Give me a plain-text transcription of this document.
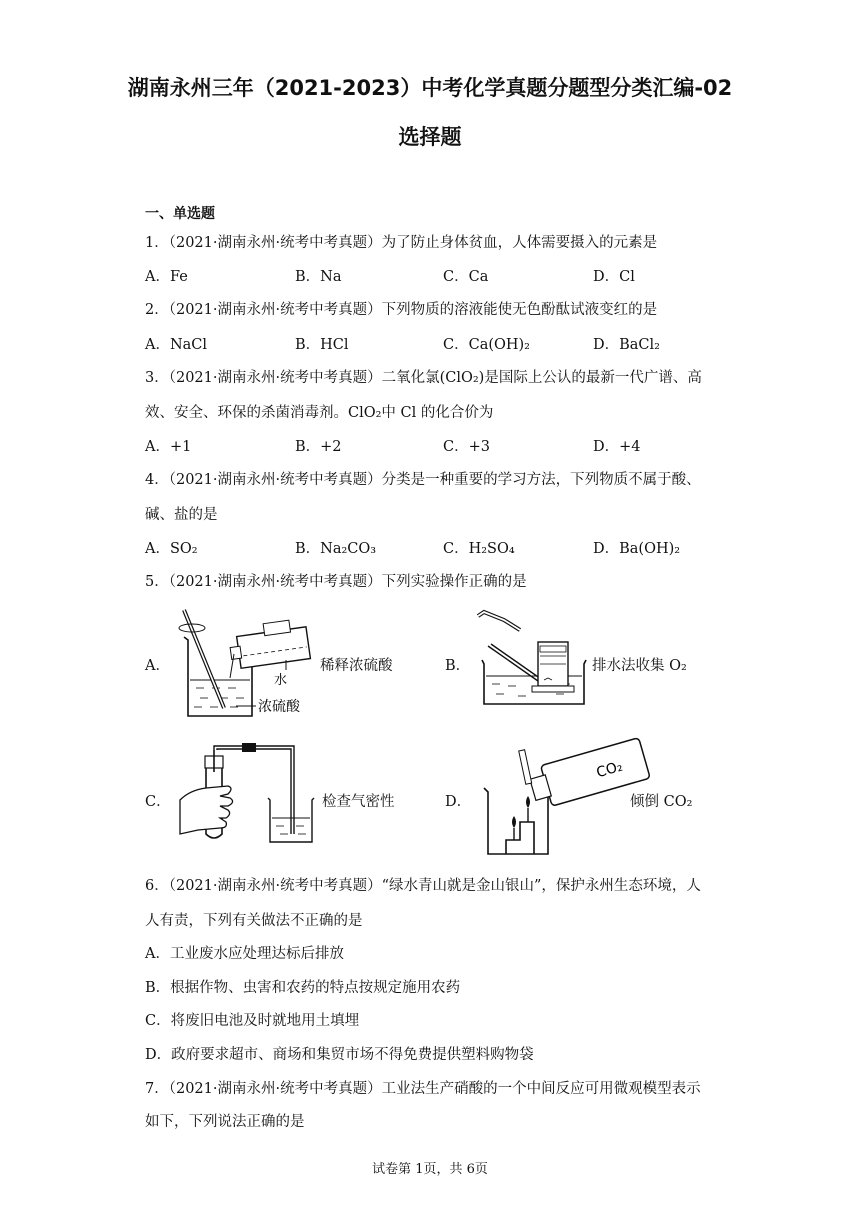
湖南永州三年（2021-2023）中考化学真题分题型分类汇编-02
选择题
一、单选题
1．（2021·湖南永州·统考中考真题）为了防止身体贫血，人体需要摄入的元素是
A．Fe	B．Na	C．Ca	D．Cl
2．（2021·湖南永州·统考中考真题）下列物质的溶液能使无色酚酞试液变红的是
A．NaCl	B．HCl	C．Ca(OH)₂	D．BaCl₂
3．（2021·湖南永州·统考中考真题）二氧化氯(ClO₂)是国际上公认的最新一代广谱、高
效、安全、环保的杀菌消毒剂。ClO₂中 Cl 的化合价为
A．+1	B．+2	C．+3	D．+4
4．（2021·湖南永州·统考中考真题）分类是一种重要的学习方法，下列物质不属于酸、
碱、盐的是
A．SO₂	B．Na₂CO₃	C．H₂SO₄	D．Ba(OH)₂
5．（2021·湖南永州·统考中考真题）下列实验操作正确的是
A．
水
浓硫酸
稀释浓硫酸	B．	排水法收集 O₂
C．	检查气密性	D．
CO₂
倾倒 CO₂
6．（2021·湖南永州·统考中考真题）“绿水青山就是金山银山”，保护永州生态环境，人
人有责，下列有关做法不正确的是
A．工业废水应处理达标后排放
B．根据作物、虫害和农药的特点按规定施用农药
C．将废旧电池及时就地用土填埋
D．政府要求超市、商场和集贸市场不得免费提供塑料购物袋
7．（2021·湖南永州·统考中考真题）工业法生产硝酸的一个中间反应可用微观模型表示
如下，下列说法正确的是
试卷第 1页，共 6页
